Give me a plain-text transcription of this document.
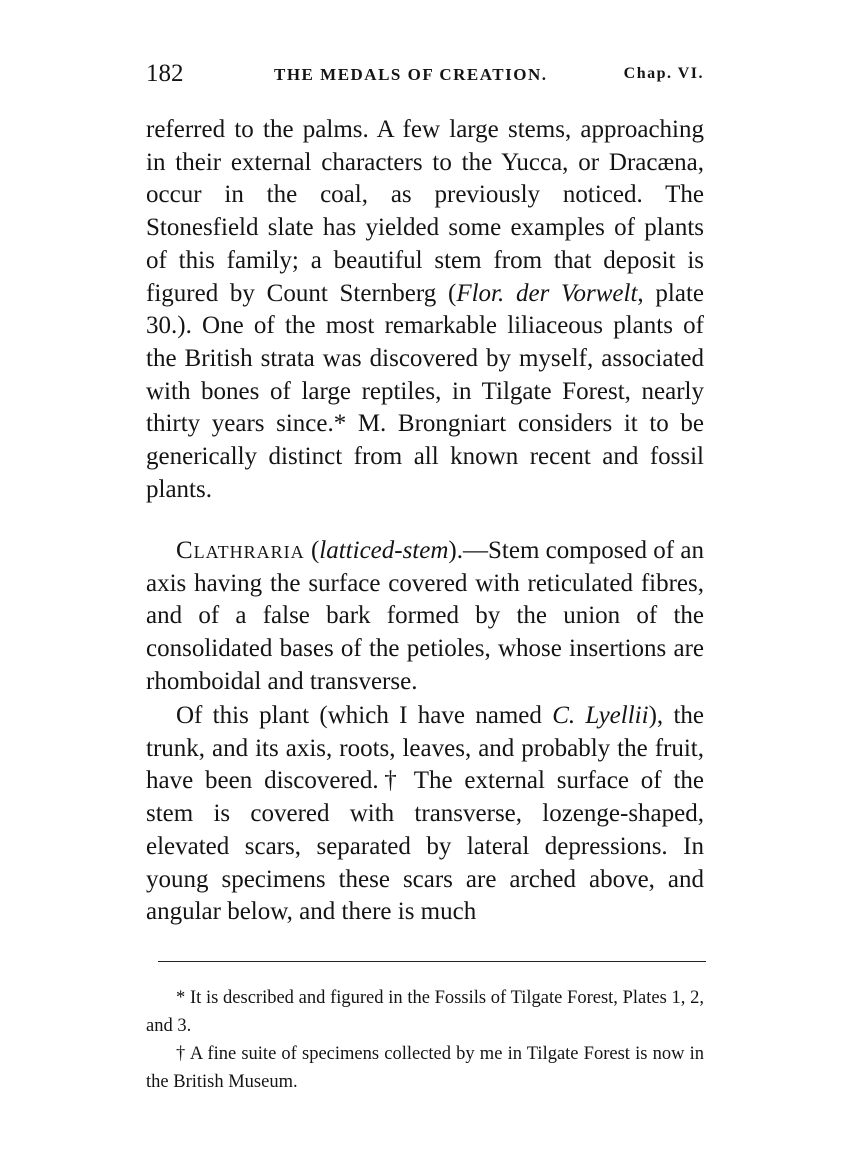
182	THE MEDALS OF CREATION.	Chap. VI.

referred to the palms. A few large stems, approaching in their external characters to the Yucca, or Dracæna, occur in the coal, as previously noticed. The Stonesfield slate has yielded some examples of plants of this family; a beautiful stem from that deposit is figured by Count Sternberg (Flor. der Vorwelt, plate 30.). One of the most remarkable liliaceous plants of the British strata was discovered by myself, associated with bones of large reptiles, in Tilgate Forest, nearly thirty years since.* M. Brongniart considers it to be generically distinct from all known recent and fossil plants.

Clathraria (latticed-stem).—Stem composed of an axis having the surface covered with reticulated fibres, and of a false bark formed by the union of the consolidated bases of the petioles, whose insertions are rhomboidal and transverse.

Of this plant (which I have named C. Lyellii), the trunk, and its axis, roots, leaves, and probably the fruit, have been discovered.† The external surface of the stem is covered with transverse, lozenge-shaped, elevated scars, separated by lateral depressions. In young specimens these scars are arched above, and angular below, and there is much

* It is described and figured in the Fossils of Tilgate Forest, Plates 1, 2, and 3.

† A fine suite of specimens collected by me in Tilgate Forest is now in the British Museum.
